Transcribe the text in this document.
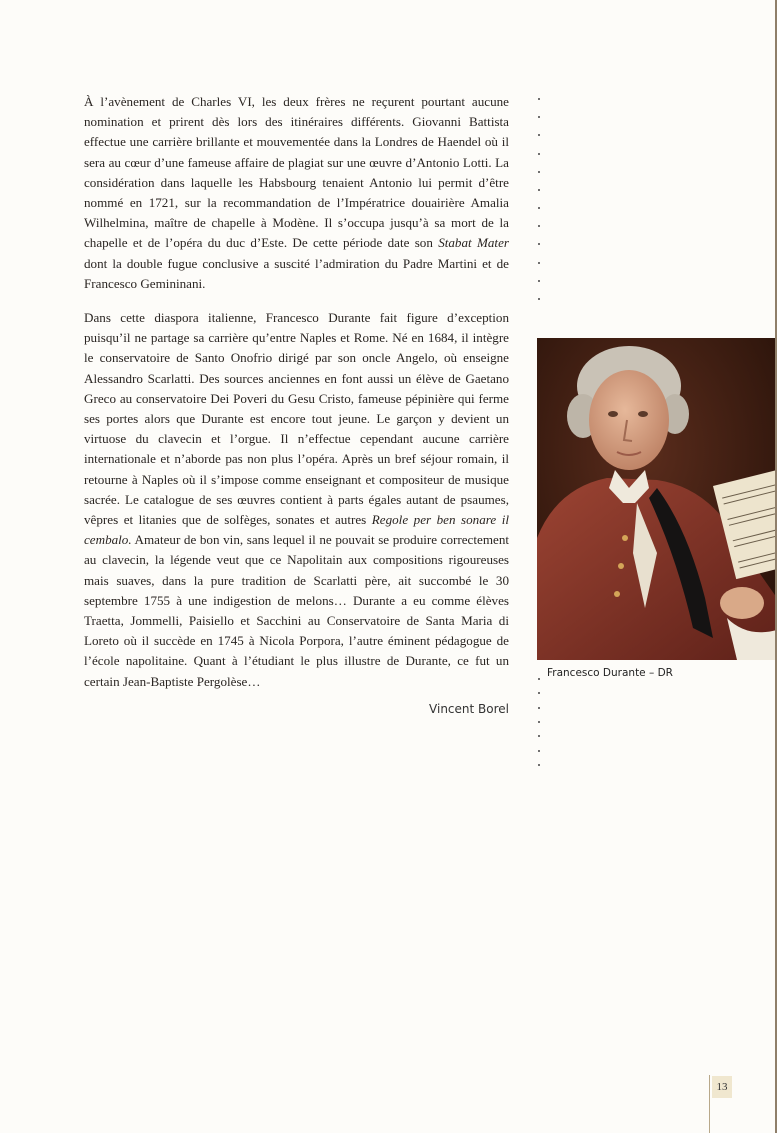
À l’avènement de Charles VI, les deux frères ne reçurent pourtant aucune nomination et prirent dès lors des itinéraires différents. Giovanni Battista effectue une carrière brillante et mouvementée dans la Londres de Haendel où il sera au cœur d’une fameuse affaire de plagiat sur une œuvre d’Antonio Lotti. La considération dans laquelle les Habsbourg tenaient Antonio lui permit d’être nommé en 1721, sur la recommandation de l’Impératrice douairière Amalia Wilhelmina, maître de chapelle à Modène. Il s’occupa jusqu’à sa mort de la chapelle et de l’opéra du duc d’Este. De cette période date son Stabat Mater dont la double fugue conclusive a suscité l’admiration du Padre Martini et de Francesco Gemininani.

Dans cette diaspora italienne, Francesco Durante fait figure d’exception puisqu’il ne partage sa carrière qu’entre Naples et Rome. Né en 1684, il intègre le conservatoire de Santo Onofrio dirigé par son oncle Angelo, où enseigne Alessandro Scarlatti. Des sources anciennes en font aussi un élève de Gaetano Greco au conservatoire Dei Poveri du Gesu Cristo, fameuse pépinière qui ferme ses portes alors que Durante est encore tout jeune. Le garçon y devient un virtuose du clavecin et l’orgue. Il n’effectue cependant aucune carrière internationale et n’aborde pas non plus l’opéra. Après un bref séjour romain, il retourne à Naples où il s’impose comme enseignant et compositeur de musique sacrée. Le catalogue de ses œuvres contient à parts égales autant de psaumes, vêpres et litanies que de solfèges, sonates et autres Regole per ben sonare il cembalo. Amateur de bon vin, sans lequel il ne pouvait se produire correctement au clavecin, la légende veut que ce Napolitain aux compositions rigoureuses mais suaves, dans la pure tradition de Scarlatti père, ait succombé le 30 septembre 1755 à une indigestion de melons… Durante a eu comme élèves Traetta, Jommelli, Paisiello et Sacchini au Conservatoire de Santa Maria di Loreto où il succède en 1745 à Nicola Porpora, l’autre éminent pédagogue de l’école napolitaine. Quant à l’étudiant le plus illustre de Durante, ce fut un certain Jean-Baptiste Pergolèse…

Vincent Borel

Francesco Durante – DR
13
